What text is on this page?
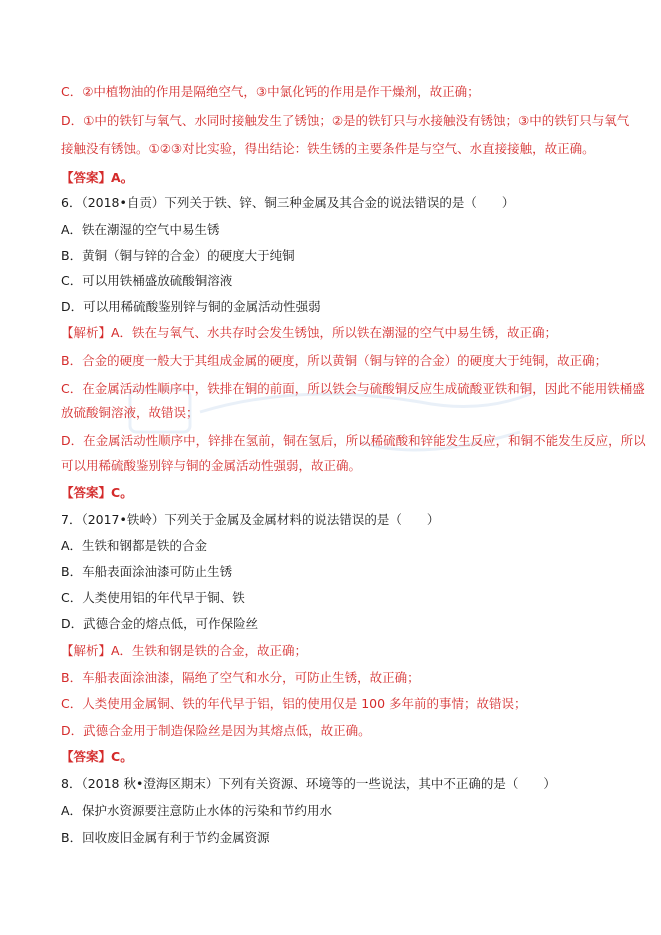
C．②中植物油的作用是隔绝空气，③中氯化钙的作用是作干燥剂，故正确；
D．①中的铁钉与氧气、水同时接触发生了锈蚀；②是的铁钉只与水接触没有锈蚀；③中的铁钉只与氧气
接触没有锈蚀。①②③对比实验，得出结论：铁生锈的主要条件是与空气、水直接接触，故正确。
【答案】A。
6．（2018•自贡）下列关于铁、锌、铜三种金属及其合金的说法错误的是（　　）
A．铁在潮湿的空气中易生锈
B．黄铜（铜与锌的合金）的硬度大于纯铜
C．可以用铁桶盛放硫酸铜溶液
D．可以用稀硫酸鉴别锌与铜的金属活动性强弱
【解析】A．铁在与氧气、水共存时会发生锈蚀，所以铁在潮湿的空气中易生锈，故正确；
B．合金的硬度一般大于其组成金属的硬度，所以黄铜（铜与锌的合金）的硬度大于纯铜，故正确；
C．在金属活动性顺序中，铁排在铜的前面，所以铁会与硫酸铜反应生成硫酸亚铁和铜，因此不能用铁桶盛
放硫酸铜溶液，故错误；
D．在金属活动性顺序中，锌排在氢前，铜在氢后，所以稀硫酸和锌能发生反应，和铜不能发生反应，所以
可以用稀硫酸鉴别锌与铜的金属活动性强弱，故正确。
【答案】C。
7．（2017•铁岭）下列关于金属及金属材料的说法错误的是（　　）
A．生铁和钢都是铁的合金
B．车船表面涂油漆可防止生锈
C．人类使用铝的年代早于铜、铁
D．武德合金的熔点低，可作保险丝
【解析】A．生铁和钢是铁的合金，故正确；
B．车船表面涂油漆，隔绝了空气和水分，可防止生锈，故正确；
C．人类使用金属铜、铁的年代早于铝，铝的使用仅是 100 多年前的事情；故错误；
D．武德合金用于制造保险丝是因为其熔点低，故正确。
【答案】C。
8．（2018 秋•澄海区期末）下列有关资源、环境等的一些说法，其中不正确的是（　　）
A．保护水资源要注意防止水体的污染和节约用水
B．回收废旧金属有利于节约金属资源
